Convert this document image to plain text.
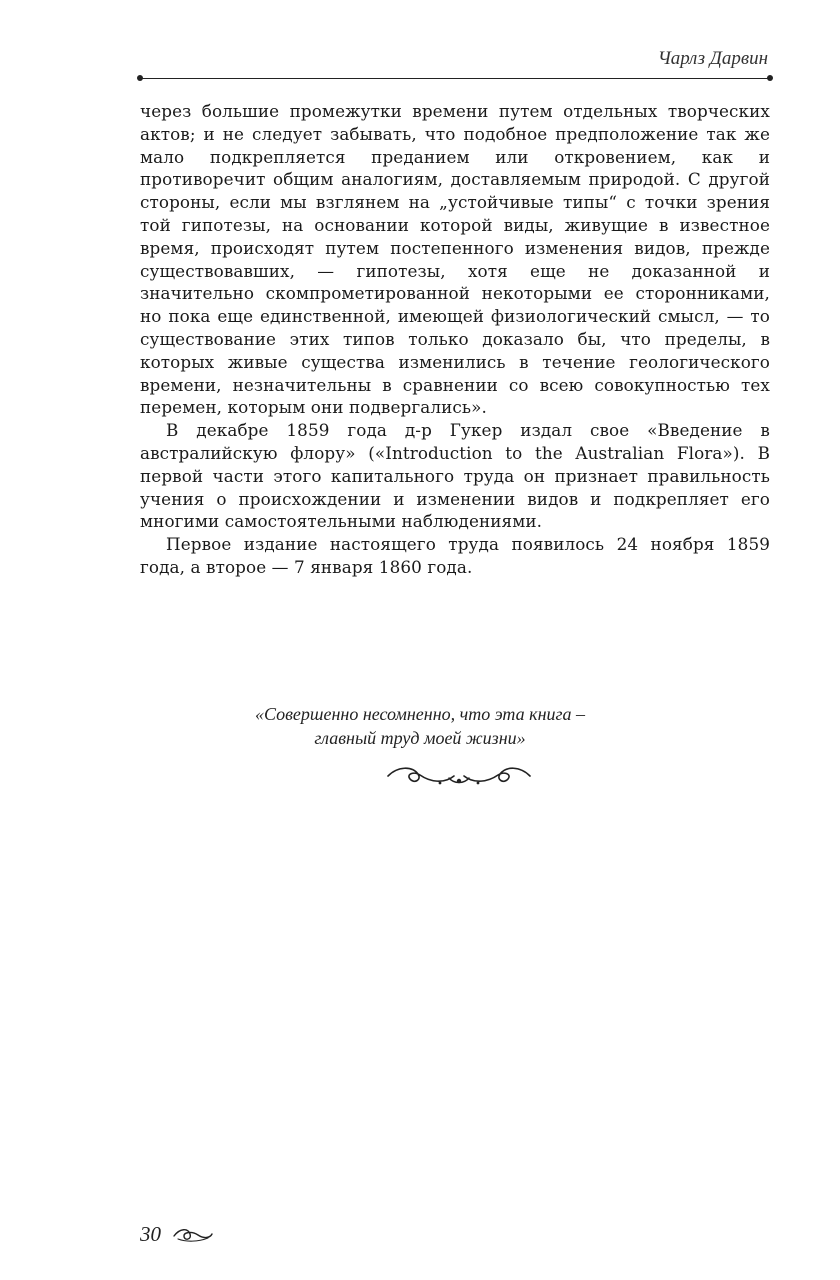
Чарлз Дарвин

через большие промежутки времени путем отдельных творческих актов; и не следует забывать, что подобное предположение так же мало подкрепляется преданием или откровением, как и противоречит общим аналогиям, доставляемым природой. С другой стороны, если мы взглянем на „устойчивые типы“ с точки зрения той гипотезы, на основании которой виды, живущие в известное время, происходят путем постепенного изменения видов, прежде существовавших, — гипотезы, хотя еще не доказанной и значительно скомпрометированной некоторыми ее сторонниками, но пока еще единственной, имеющей физиологический смысл, — то существование этих типов только доказало бы, что пределы, в которых живые существа изменились в течение геологического времени, незначительны в сравнении со всею совокупностью тех перемен, которым они подвергались».

В декабре 1859 года д-р Гукер издал свое «Введение в австралийскую флору» («Introduction to the Australian Flora»). В первой части этого капитального труда он признает правильность учения о происхождении и изменении видов и подкрепляет его многими самостоятельными наблюдениями.

Первое издание настоящего труда появилось 24 ноября 1859 года, а второе — 7 января 1860 года.

«Совершенно несомненно, что эта книга –
главный труд моей жизни»
30
